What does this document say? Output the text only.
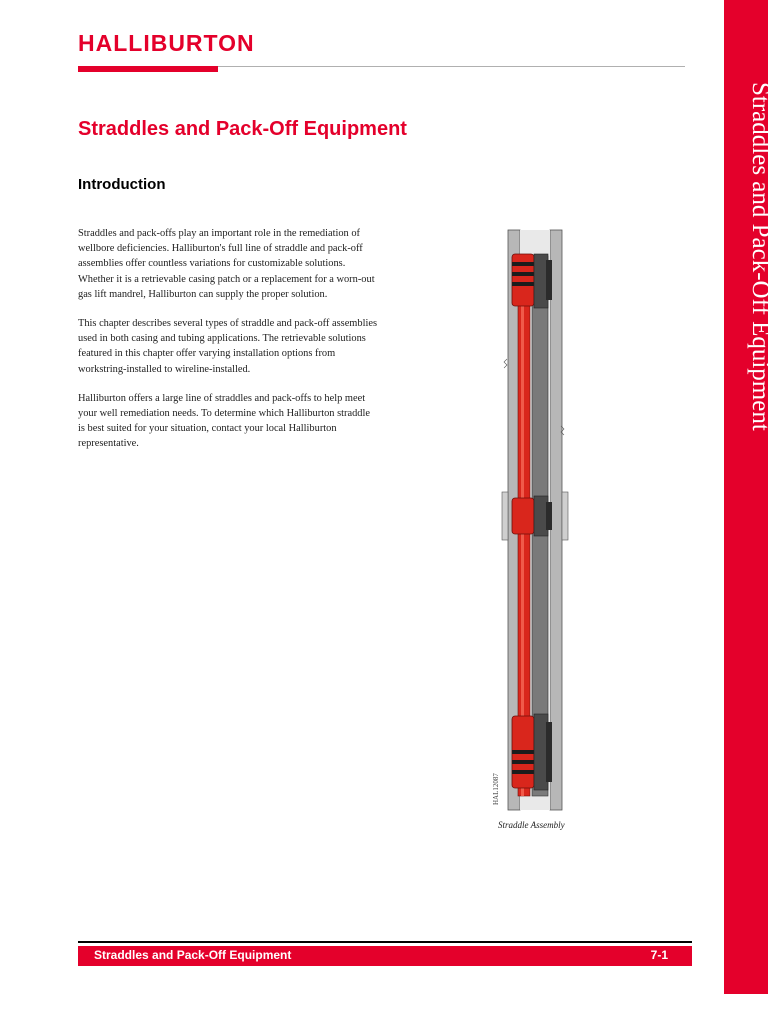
HALLIBURTON
Straddles and Pack-Off Equipment
Straddles and Pack-Off Equipment
Introduction

Straddles and pack-offs play an important role in the remediation of wellbore deficiencies. Halliburton's full line of straddle and pack-off assemblies offer countless variations for customizable solutions. Whether it is a retrievable casing patch or a replacement for a worn-out gas lift mandrel, Halliburton can supply the proper solution.

This chapter describes several types of straddle and pack-off assemblies used in both casing and tubing applications. The retrievable solutions featured in this chapter offer varying installation options from workstring-installed to wireline-installed.

Halliburton offers a large line of straddles and pack-offs to help meet your well remediation needs. To determine which Halliburton straddle is best suited for your situation, contact your local Halliburton representative.

HAL12087
Straddle Assembly
Straddles and Pack-Off Equipment	7-1
